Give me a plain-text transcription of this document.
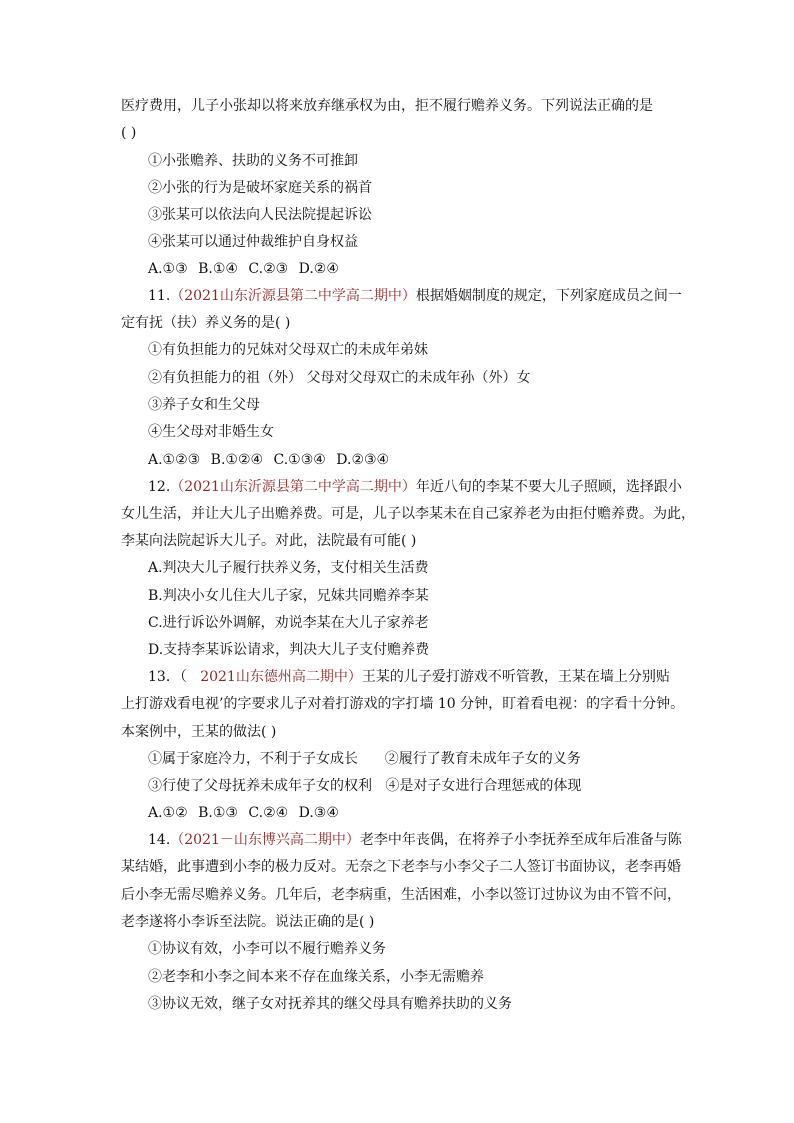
医疗费用，儿子小张却以将来放弃继承权为由，拒不履行赡养义务。下列说法正确的是
( )
①小张赡养、扶助的义务不可推卸
②小张的行为是破坏家庭关系的祸首
③张某可以依法向人民法院提起诉讼
④张某可以通过仲裁维护自身权益
A.①③ B.①④ C.②③ D.②④
11.（2021山东沂源县第二中学高二期中）根据婚姻制度的规定，下列家庭成员之间一
定有抚（扶）养义务的是( )
①有负担能力的兄妹对父母双亡的未成年弟妹
②有负担能力的祖（外） 父母对父母双亡的未成年孙（外）女
③养子女和生父母
④生父母对非婚生女
A.①②③ B.①②④ C.①③④ D.②③④
12.（2021山东沂源县第二中学高二期中）年近八旬的李某不要大儿子照顾，选择跟小
女儿生活，并让大儿子出赡养费。可是，儿子以李某未在自己家养老为由拒付赡养费。为此，
李某向法院起诉大儿子。对此，法院最有可能( )
A.判决大儿子履行扶养义务，支付相关生活费
B.判决小女儿住大儿子家，兄妹共同赡养李某
C.进行诉讼外调解，劝说李某在大儿子家养老
D.支持李某诉讼请求，判决大儿子支付赡养费
13．（ 2021山东德州高二期中）王某的儿子爱打游戏不听管教，王某在墙上分别贴
上打游戏看电视’的字要求儿子对着打游戏的字打墙 10 分钟，盯着看电视：的字看十分钟。
本案例中，王某的做法( )
①属于家庭冷力，不利于子女成长 ②履行了教育未成年子女的义务
③行使了父母抚养未成年子女的权利 ④是对子女进行合理惩戒的体现
A.①② B.①③ C.②④ D.③④
14.（2021－山东博兴高二期中）老李中年丧偶，在将养子小李抚养至成年后准备与陈
某结婚，此事遭到小李的极力反对。无奈之下老李与小李父子二人签订书面协议，老李再婚
后小李无需尽赡养义务。几年后，老李病重，生活困难，小李以签订过协议为由不管不问，
老李遂将小李诉至法院。说法正确的是( )
①协议有效，小李可以不履行赡养义务
②老李和小李之间本来不存在血缘关系，小李无需赡养
③协议无效，继子女对抚养其的继父母具有赡养扶助的义务
